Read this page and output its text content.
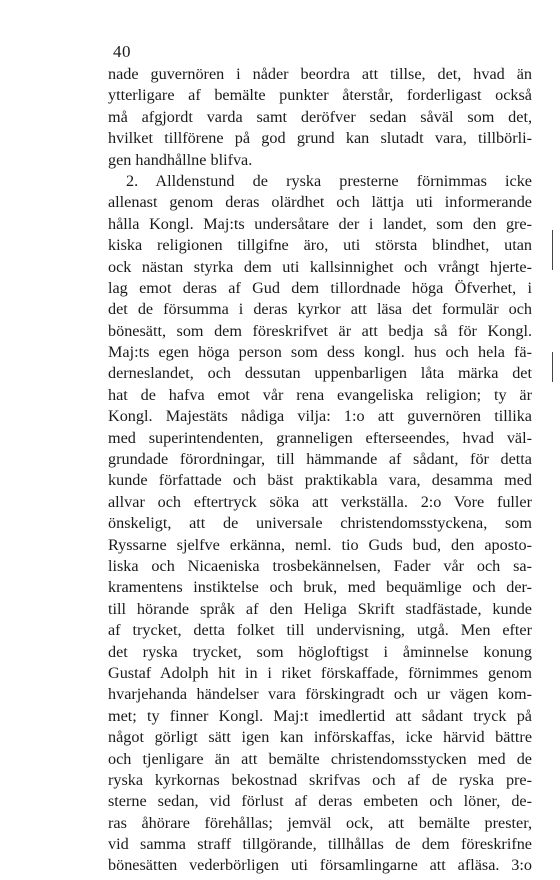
40
nade guvernören i nåder beordra att tillse, det, hvad än
ytterligare af bemälte punkter återstår, forderligast också
må afgjordt varda samt deröfver sedan såväl som det,
hvilket tillförene på god grund kan slutadt vara, tillbörli-
gen handhållne blifva.
2. Alldenstund de ryska presterne förnimmas icke
allenast genom deras olärdhet och lättja uti informerande
hålla Kongl. Maj:ts undersåtare der i landet, som den gre-
kiska religionen tillgifne äro, uti största blindhet, utan
ock nästan styrka dem uti kallsinnighet och vrångt hjerte-
lag emot deras af Gud dem tillordnade höga Öfverhet, i
det de försumma i deras kyrkor att läsa det formulär och
bönesätt, som dem föreskrifvet är att bedja så för Kongl.
Maj:ts egen höga person som dess kongl. hus och hela fä-
derneslandet, och dessutan uppenbarligen låta märka det
hat de hafva emot vår rena evangeliska religion; ty är
Kongl. Majestäts nådiga vilja: 1:o att guvernören tillika
med superintendenten, granneligen efterseendes, hvad väl-
grundade förordningar, till hämmande af sådant, för detta
kunde författade och bäst praktikabla vara, desamma med
allvar och eftertryck söka att verkställa. 2:o Vore fuller
önskeligt, att de universale christendomsstyckena, som
Ryssarne sjelfve erkänna, neml. tio Guds bud, den aposto-
liska och Nicaeniska trosbekännelsen, Fader vår och sa-
kramentens instiktelse och bruk, med bequämlige och der-
till hörande språk af den Heliga Skrift stadfästade, kunde
af trycket, detta folket till undervisning, utgå. Men efter
det ryska trycket, som högloftigst i åminnelse konung
Gustaf Adolph hit in i riket förskaffade, förnimmes genom
hvarjehanda händelser vara förskingradt och ur vägen kom-
met; ty finner Kongl. Maj:t imedlertid att sådant tryck på
något görligt sätt igen kan införskaffas, icke härvid bättre
och tjenligare än att bemälte christendomsstycken med de
ryska kyrkornas bekostnad skrifvas och af de ryska pre-
sterne sedan, vid förlust af deras embeten och löner, de-
ras åhörare förehållas; jemväl ock, att bemälte prester,
vid samma straff tillgörande, tillhållas de dem föreskrifne
bönesätten vederbörligen uti församlingarne att afläsa. 3:o
